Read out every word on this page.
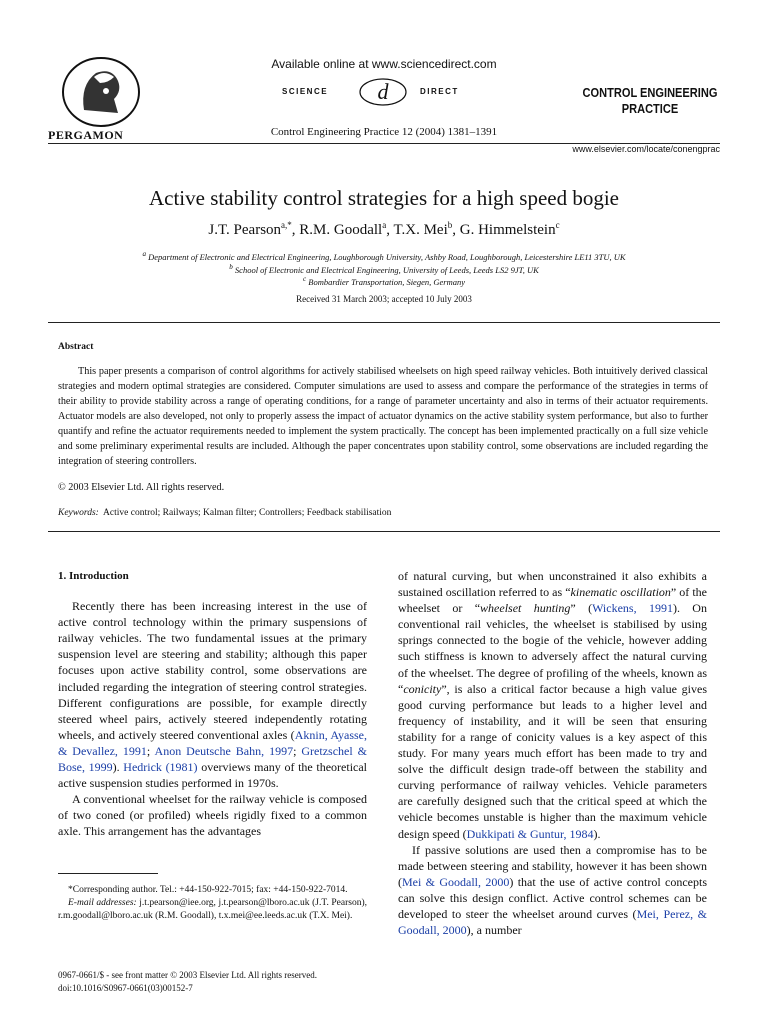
PERGAMON
Available online at www.sciencedirect.com
SCIENCE d	DIRECT
Control Engineering Practice 12 (2004) 1381–1391
CONTROL ENGINEERING
PRACTICE
www.elsevier.com/locate/conengprac
Active stability control strategies for a high speed bogie
J.T. Pearson$^{a,*}$, R.M. Goodall$^a$, T.X. Mei$^b$, G. Himmelstein$^c$
$^a$ Department of Electronic and Electrical Engineering, Loughborough University, Ashby Road, Loughborough, Leicestershire LE11 3TU, UK
$^b$ School of Electronic and Electrical Engineering, University of Leeds, Leeds LS2 9JT, UK
$^c$ Bombardier Transportation, Siegen, Germany
Received 31 March 2003; accepted 10 July 2003
Abstract
This paper presents a comparison of control algorithms for actively stabilised wheelsets on high speed railway vehicles. Both intuitively derived classical strategies and modern optimal strategies are considered. Computer simulations are used to assess and compare the performance of the strategies in terms of their ability to provide stability across a range of operating conditions, for a range of parameter uncertainty and also in terms of their actuator requirements. Actuator models are also developed, not only to properly assess the impact of actuator dynamics on the active stability system performance, but also to further quantify and refine the actuator requirements needed to implement the system practically. The concept has been implemented practically on a full size vehicle and some preliminary experimental results are included. Although the paper concentrates upon stability control, some observations are included regarding the integration of steering controllers.
© 2003 Elsevier Ltd. All rights reserved.
Keywords: Active control; Railways; Kalman filter; Controllers; Feedback stabilisation
1. Introduction

Recently there has been increasing interest in the use of active control technology within the primary suspensions of railway vehicles. The two fundamental issues at the primary suspension level are steering and stability; although this paper focuses upon active stability control, some observations are included regarding the integration of steering control strategies. Different configurations are possible, for example directly steered wheel pairs, actively steered independently rotating wheels, and actively steered conventional axles (Aknin, Ayasse, & Devallez, 1991; Anon Deutsche Bahn, 1997; Gretzschel & Bose, 1999). Hedrick (1981) overviews many of the theoretical active suspension studies performed in 1970s.

A conventional wheelset for the railway vehicle is composed of two coned (or profiled) wheels rigidly fixed to a common axle. This arrangement has the advantages

*Corresponding author. Tel.: +44-150-922-7015; fax: +44-150-922-7014.
E-mail addresses: j.t.pearson@iee.org, j.t.pearson@lboro.ac.uk (J.T. Pearson), r.m.goodall@lboro.ac.uk (R.M. Goodall), t.x.mei@ee.leeds.ac.uk (T.X. Mei).
0967-0661/$ - see front matter © 2003 Elsevier Ltd. All rights reserved.
doi:10.1016/S0967-0661(03)00152-7

of natural curving, but when unconstrained it also exhibits a sustained oscillation referred to as “kinematic oscillation” of the wheelset or “wheelset hunting” (Wickens, 1991). On conventional rail vehicles, the wheelset is stabilised by using springs connected to the bogie of the vehicle, however adding such stiffness is known to adversely affect the natural curving of the wheelset. The degree of profiling of the wheels, known as “conicity”, is also a critical factor because a high value gives good curving performance but leads to a higher level and frequency of instability, and it will be seen that ensuring stability for a range of conicity values is a key aspect of this study. For many years much effort has been made to try and solve the difficult design trade-off between the stability and curving performance of railway vehicles. Vehicle parameters are carefully designed such that the critical speed at which the vehicle becomes unstable is higher than the maximum vehicle design speed (Dukkipati & Guntur, 1984).

If passive solutions are used then a compromise has to be made between steering and stability, however it has been shown (Mei & Goodall, 2000) that the use of active control concepts can solve this design conflict. Active control schemes can be developed to steer the wheelset around curves (Mei, Perez, & Goodall, 2000), a number
